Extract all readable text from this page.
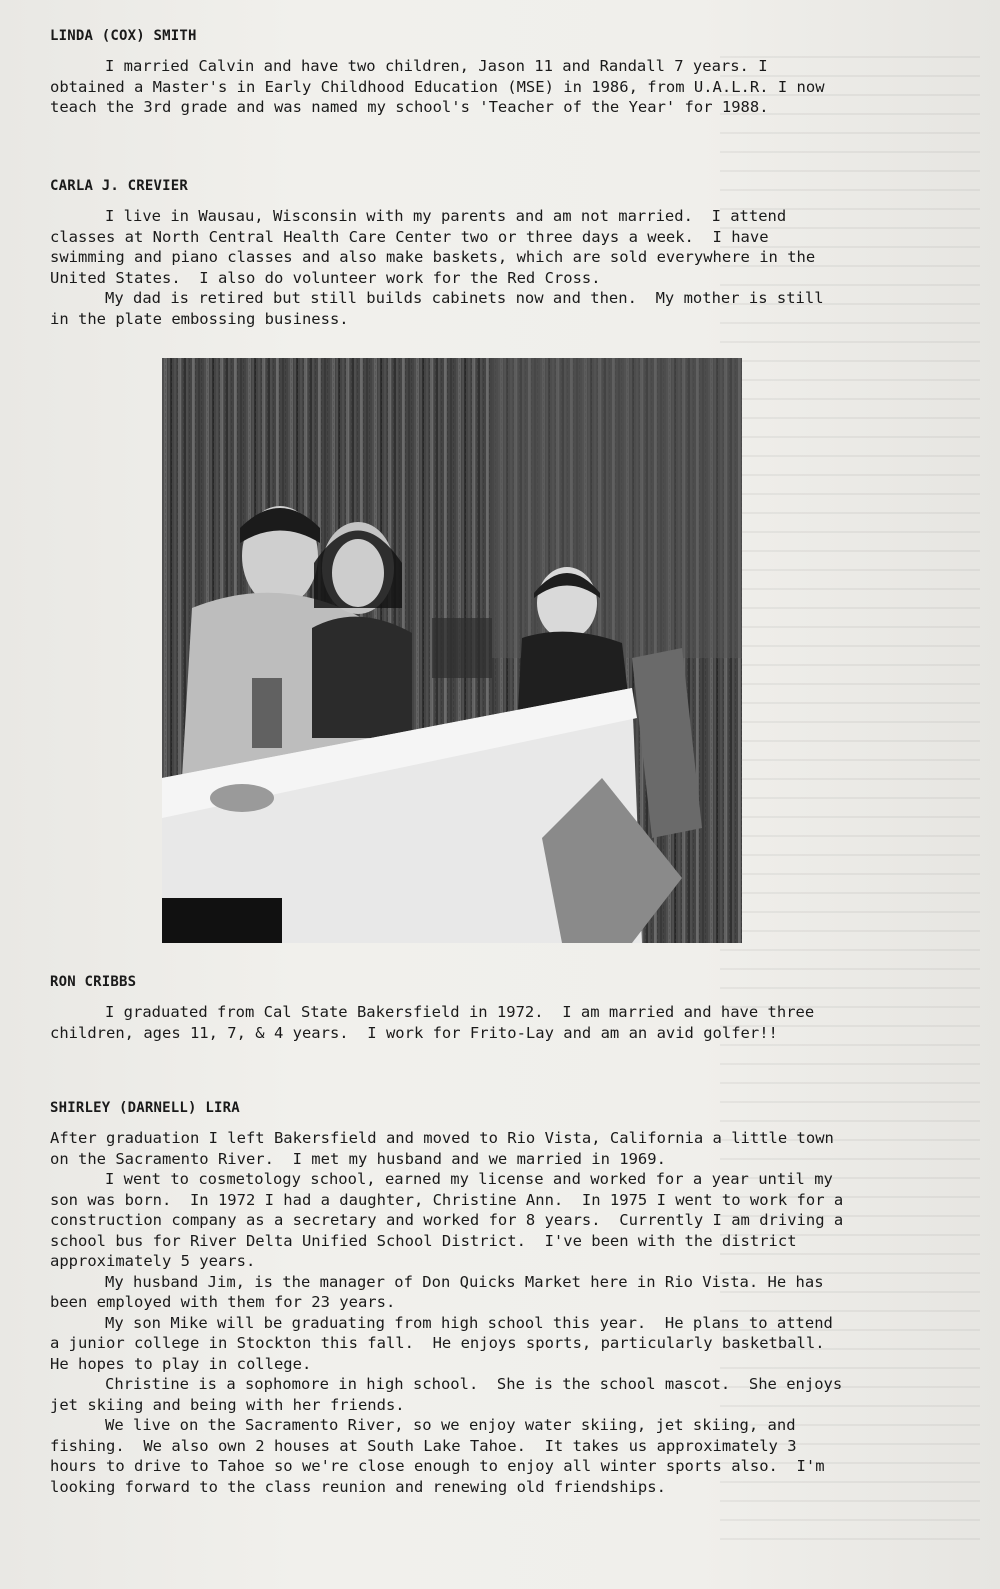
LINDA (COX) SMITH

I married Calvin and have two children, Jason 11 and Randall 7 years. I obtained a Master's in Early Childhood Education (MSE) in 1986, from U.A.L.R. I now teach the 3rd grade and was named my school's 'Teacher of the Year' for 1988.

CARLA J. CREVIER

I live in Wausau, Wisconsin with my parents and am not married.  I attend classes at North Central Health Care Center two or three days a week.  I have swimming and piano classes and also make baskets, which are sold everywhere in the United States.  I also do volunteer work for the Red Cross.

My dad is retired but still builds cabinets now and then.  My mother is still in the plate embossing business.

RON CRIBBS

I graduated from Cal State Bakersfield in 1972.  I am married and have three children, ages 11, 7, & 4 years.  I work for Frito-Lay and am an avid golfer!!

SHIRLEY (DARNELL) LIRA

After graduation I left Bakersfield and moved to Rio Vista, California a little town on the Sacramento River.  I met my husband and we married in 1969.

I went to cosmetology school, earned my license and worked for a year until my son was born.  In 1972 I had a daughter, Christine Ann.  In 1975 I went to work for a construction company as a secretary and worked for 8 years.  Currently I am driving a school bus for River Delta Unified School District.  I've been with the district approximately 5 years.

My husband Jim, is the manager of Don Quicks Market here in Rio Vista. He has been employed with them for 23 years.

My son Mike will be graduating from high school this year.  He plans to attend a junior college in Stockton this fall.  He enjoys sports, particularly basketball.  He hopes to play in college.

Christine is a sophomore in high school.  She is the school mascot.  She enjoys jet skiing and being with her friends.

We live on the Sacramento River, so we enjoy water skiing, jet skiing, and fishing.  We also own 2 houses at South Lake Tahoe.  It takes us approximately 3 hours to drive to Tahoe so we're close enough to enjoy all winter sports also.  I'm looking forward to the class reunion and renewing old friendships.
